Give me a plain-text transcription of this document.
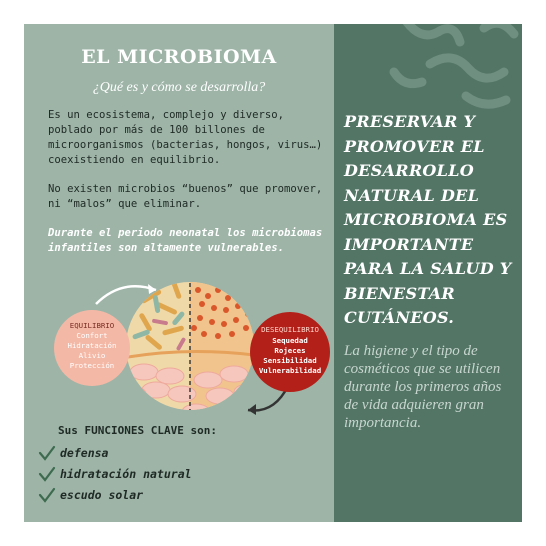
EL MICROBIOMA
¿Qué es y cómo se desarrolla?
Es un ecosistema, complejo y diverso, poblado por más de 100 billones de microorganismos (bacterias, hongos, virus…) coexistiendo en equilibrio.
No existen microbios “buenos” que promover, ni “malos” que eliminar.
Durante el periodo neonatal los microbiomas infantiles son altamente vulnerables.
EQUILIBRIO
Confort
Hidratación
Alivio
Protección
DESEQUILIBRIO
Sequedad
Rojeces
Sensibilidad
Vulnerabilidad
Sus FUNCIONES CLAVE son:
defensa
hidratación natural
escudo solar
PRESERVAR Y PROMOVER EL DESARROLLO NATURAL DEL MICROBIOMA ES IMPORTANTE PARA LA SALUD Y BIENESTAR CUTÁNEOS.
La higiene y el tipo de cosméticos que se utilicen durante los primeros años de vida adquieren gran importancia.
